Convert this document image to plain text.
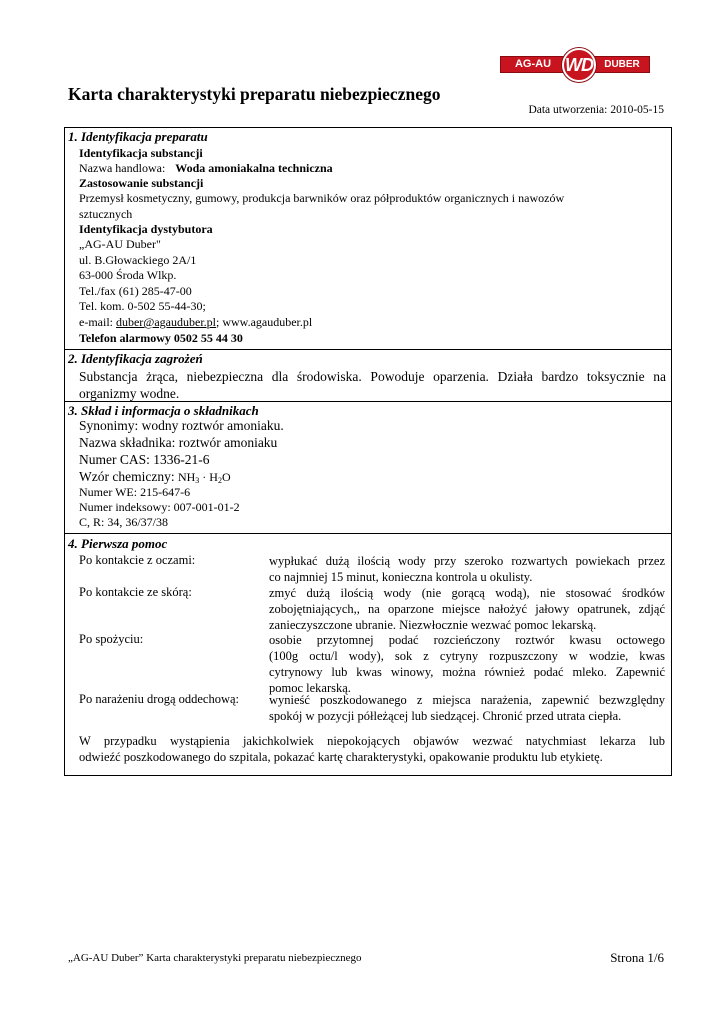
AG-AU	DUBER
WD
Karta charakterystyki preparatu niebezpiecznego
Data utworzenia: 2010-05-15
1. Identyfikacja preparatu
Identyfikacja substancji
Nazwa handlowa: Woda amoniakalna techniczna
Zastosowanie substancji
Przemysł kosmetyczny, gumowy, produkcja barwników oraz półproduktów organicznych i nawozów
sztucznych
Identyfikacja dystybutora
„AG-AU Duber"
ul. B.Głowackiego 2A/1
63-000 Środa Wlkp.
Tel./fax (61) 285-47-00
Tel. kom. 0-502 55-44-30;
e-mail: duber@agauduber.pl; www.agauduber.pl
Telefon alarmowy 0502 55 44 30
2. Identyfikacja zagrożeń
Substancja żrąca, niebezpieczna dla środowiska. Powoduje oparzenia. Działa bardzo toksycznie na
organizmy wodne.
3. Skład i informacja o składnikach
Synonimy: wodny roztwór amoniaku.
Nazwa składnika: roztwór amoniaku
Numer CAS: 1336-21-6
Wzór chemiczny: $NH_3 \cdot H_2O$
Numer WE: 215-647-6
Numer indeksowy: 007-001-01-2
C, R: 34, 36/37/38
4. Pierwsza pomoc
Po kontakcie z oczami:	wypłukać dużą ilością wody przy szeroko rozwartych powiekach przez
co najmniej 15 minut, konieczna kontrola u okulisty.
Po kontakcie ze skórą:	zmyć dużą ilością wody (nie gorącą wodą), nie stosować środków
zobojętniających,, na oparzone miejsce nałożyć jałowy opatrunek, zdjąć
zanieczyszczone ubranie. Niezwłocznie wezwać pomoc lekarską.
Po spożyciu:	osobie przytomnej podać rozcieńczony roztwór kwasu octowego
(100g octu/l wody), sok z cytryny rozpuszczony w wodzie, kwas
cytrynowy lub kwas winowy, można również podać mleko. Zapewnić
pomoc lekarską.
Po narażeniu drogą oddechową: wynieść poszkodowanego z miejsca narażenia, zapewnić bezwzględny
spokój w pozycji półleżącej lub siedzącej. Chronić przed utrata ciepła.
W przypadku wystąpienia jakichkolwiek niepokojących objawów wezwać natychmiast lekarza lub
odwieźć poszkodowanego do szpitala, pokazać kartę charakterystyki, opakowanie produktu lub etykietę.
„AG-AU Duber” Karta charakterystyki preparatu niebezpiecznego	Strona 1/6
